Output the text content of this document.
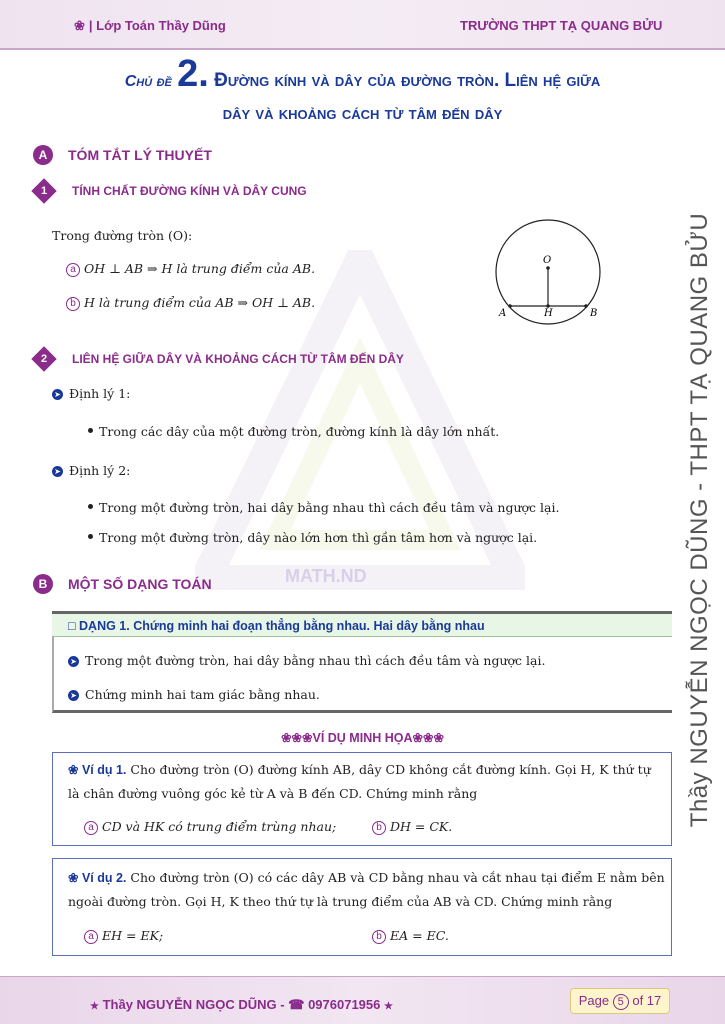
❀ | Lớp Toán Thầy Dũng	TRƯỜNG THPT TẠ QUANG BỬU
MATH.ND
Chủ đề 2. Đường kính và dây của đường tròn. Liên hệ giữa
dây và khoảng cách từ tâm đến dây
A	TÓM TẮT LÝ THUYẾT
1	TÍNH CHẤT ĐƯỜNG KÍNH VÀ DÂY CUNG
Trong đường tròn (O):
a OH ⊥ AB ⇒ H là trung điểm của AB.
b H là trung điểm của AB ⇒ OH ⊥ AB.
O
A	H	B
2	LIÊN HỆ GIỮA DÂY VÀ KHOẢNG CÁCH TỪ TÂM ĐẾN DÂY
➤ Định lý 1:
Trong các dây của một đường tròn, đường kính là dây lớn nhất.
➤ Định lý 2:
Trong một đường tròn, hai dây bằng nhau thì cách đều tâm và ngược lại.
Trong một đường tròn, dây nào lớn hơn thì gần tâm hơn và ngược lại.
B	MỘT SỐ DẠNG TOÁN
□ DẠNG 1. Chứng minh hai đoạn thẳng bằng nhau. Hai dây bằng nhau
➤ Trong một đường tròn, hai dây bằng nhau thì cách đều tâm và ngược lại.
➤ Chứng minh hai tam giác bằng nhau.
❀❀❀VÍ DỤ MINH HỌA❀❀❀
❀ Ví dụ 1. Cho đường tròn (O) đường kính AB, dây CD không cắt đường kính. Gọi H, K thứ tự
là chân đường vuông góc kẻ từ A và B đến CD. Chứng minh rằng
a CD và HK có trung điểm trùng nhau;	b DH = CK.
❀ Ví dụ 2. Cho đường tròn (O) có các dây AB và CD bằng nhau và cắt nhau tại điểm E nằm bên
ngoài đường tròn. Gọi H, K theo thứ tự là trung điểm của AB và CD. Chứng minh rằng
a EH = EK;	b EA = EC.
Thầy NGUYỄN NGỌC DŨNG - THPT TẠ QUANG BỬU
★ Thầy NGUYỄN NGỌC DŨNG - ☎ 0976071956 ★	Page 5 of 17
